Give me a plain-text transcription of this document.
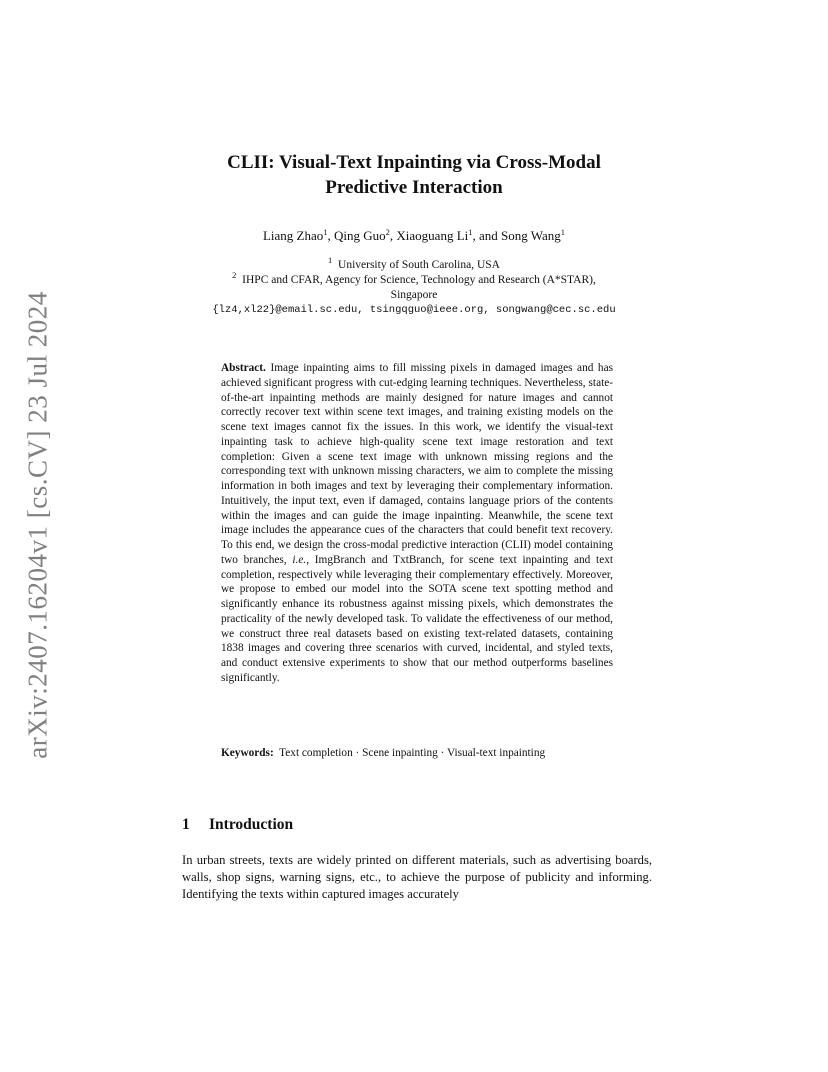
arXiv:2407.16204v1 [cs.CV] 23 Jul 2024
CLII: Visual-Text Inpainting via Cross-Modal
Predictive Interaction
Liang Zhao$^1$, Qing Guo$^2$, Xiaoguang Li$^1$, and Song Wang$^1$
$^1$ University of South Carolina, USA
$^2$ IHPC and CFAR, Agency for Science, Technology and Research (A*STAR),
Singapore
{lz4,xl22}@email.sc.edu, tsingqguo@ieee.org, songwang@cec.sc.edu
Abstract. Image inpainting aims to fill missing pixels in damaged images and has achieved significant progress with cut-edging learning techniques. Nevertheless, state-of-the-art inpainting methods are mainly designed for nature images and cannot correctly recover text within scene text images, and training existing models on the scene text images cannot fix the issues. In this work, we identify the visual-text inpainting task to achieve high-quality scene text image restoration and text completion: Given a scene text image with unknown missing regions and the corresponding text with unknown missing characters, we aim to complete the missing information in both images and text by leveraging their complementary information. Intuitively, the input text, even if damaged, contains language priors of the contents within the images and can guide the image inpainting. Meanwhile, the scene text image includes the appearance cues of the characters that could benefit text recovery. To this end, we design the cross-modal predictive interaction (CLII) model containing two branches, i.e., ImgBranch and TxtBranch, for scene text inpainting and text completion, respectively while leveraging their complementary effectively. Moreover, we propose to embed our model into the SOTA scene text spotting method and significantly enhance its robustness against missing pixels, which demonstrates the practicality of the newly developed task. To validate the effectiveness of our method, we construct three real datasets based on existing text-related datasets, containing 1838 images and covering three scenarios with curved, incidental, and styled texts, and conduct extensive experiments to show that our method outperforms baselines significantly.
Keywords: Text completion · Scene inpainting · Visual-text inpainting
1 Introduction
In urban streets, texts are widely printed on different materials, such as advertising boards, walls, shop signs, warning signs, etc., to achieve the purpose of publicity and informing. Identifying the texts within captured images accurately
